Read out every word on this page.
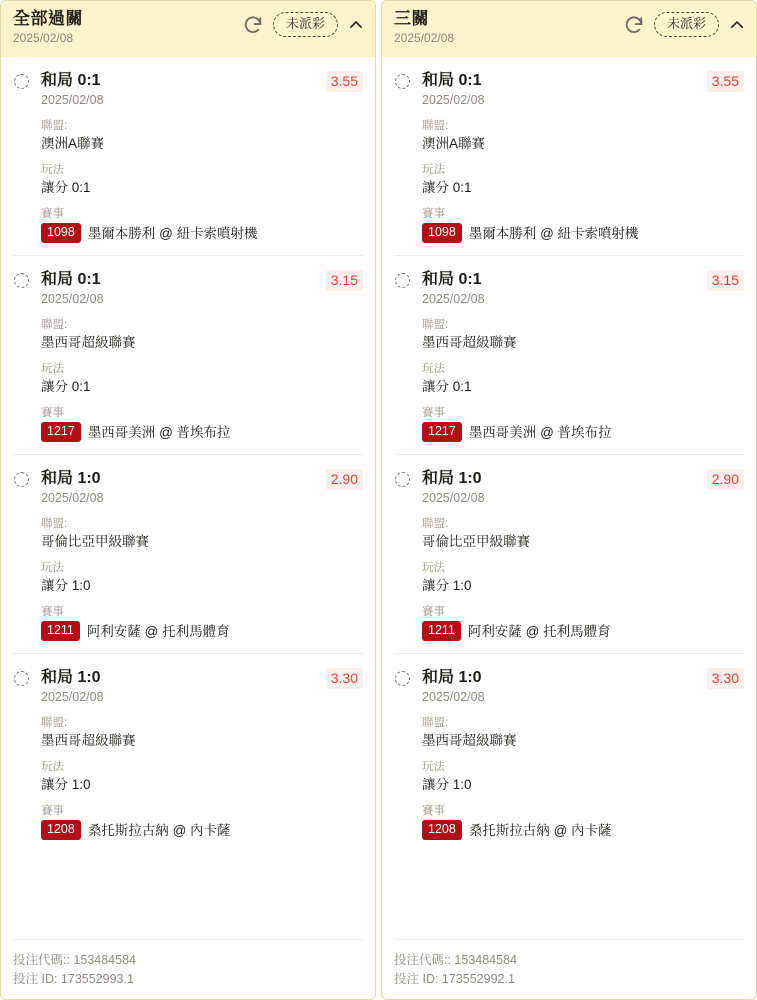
全部過關
2025/02/08
未派彩
和局 0:1
2025/02/08
3.55
聯盟:
澳洲A聯賽
玩法
讓分 0:1
賽事
1098 墨爾本勝利 @ 紐卡索噴射機
和局 0:1
2025/02/08
3.15
聯盟:
墨西哥超級聯賽
玩法
讓分 0:1
賽事
1217 墨西哥美洲 @ 普埃布拉
和局 1:0
2025/02/08
2.90
聯盟:
哥倫比亞甲級聯賽
玩法
讓分 1:0
賽事
1211 阿利安薩 @ 托利馬體育
和局 1:0
2025/02/08
3.30
聯盟:
墨西哥超級聯賽
玩法
讓分 1:0
賽事
1208 桑托斯拉古納 @ 內卡薩
投注代碼:: 153484584
投注 ID: 173552993.1
三關
2025/02/08
未派彩
和局 0:1
2025/02/08
3.55
聯盟:
澳洲A聯賽
玩法
讓分 0:1
賽事
1098 墨爾本勝利 @ 紐卡索噴射機
和局 0:1
2025/02/08
3.15
聯盟:
墨西哥超級聯賽
玩法
讓分 0:1
賽事
1217 墨西哥美洲 @ 普埃布拉
和局 1:0
2025/02/08
2.90
聯盟:
哥倫比亞甲級聯賽
玩法
讓分 1:0
賽事
1211 阿利安薩 @ 托利馬體育
和局 1:0
2025/02/08
3.30
聯盟:
墨西哥超級聯賽
玩法
讓分 1:0
賽事
1208 桑托斯拉古納 @ 內卡薩
投注代碼:: 153484584
投注 ID: 173552992.1
